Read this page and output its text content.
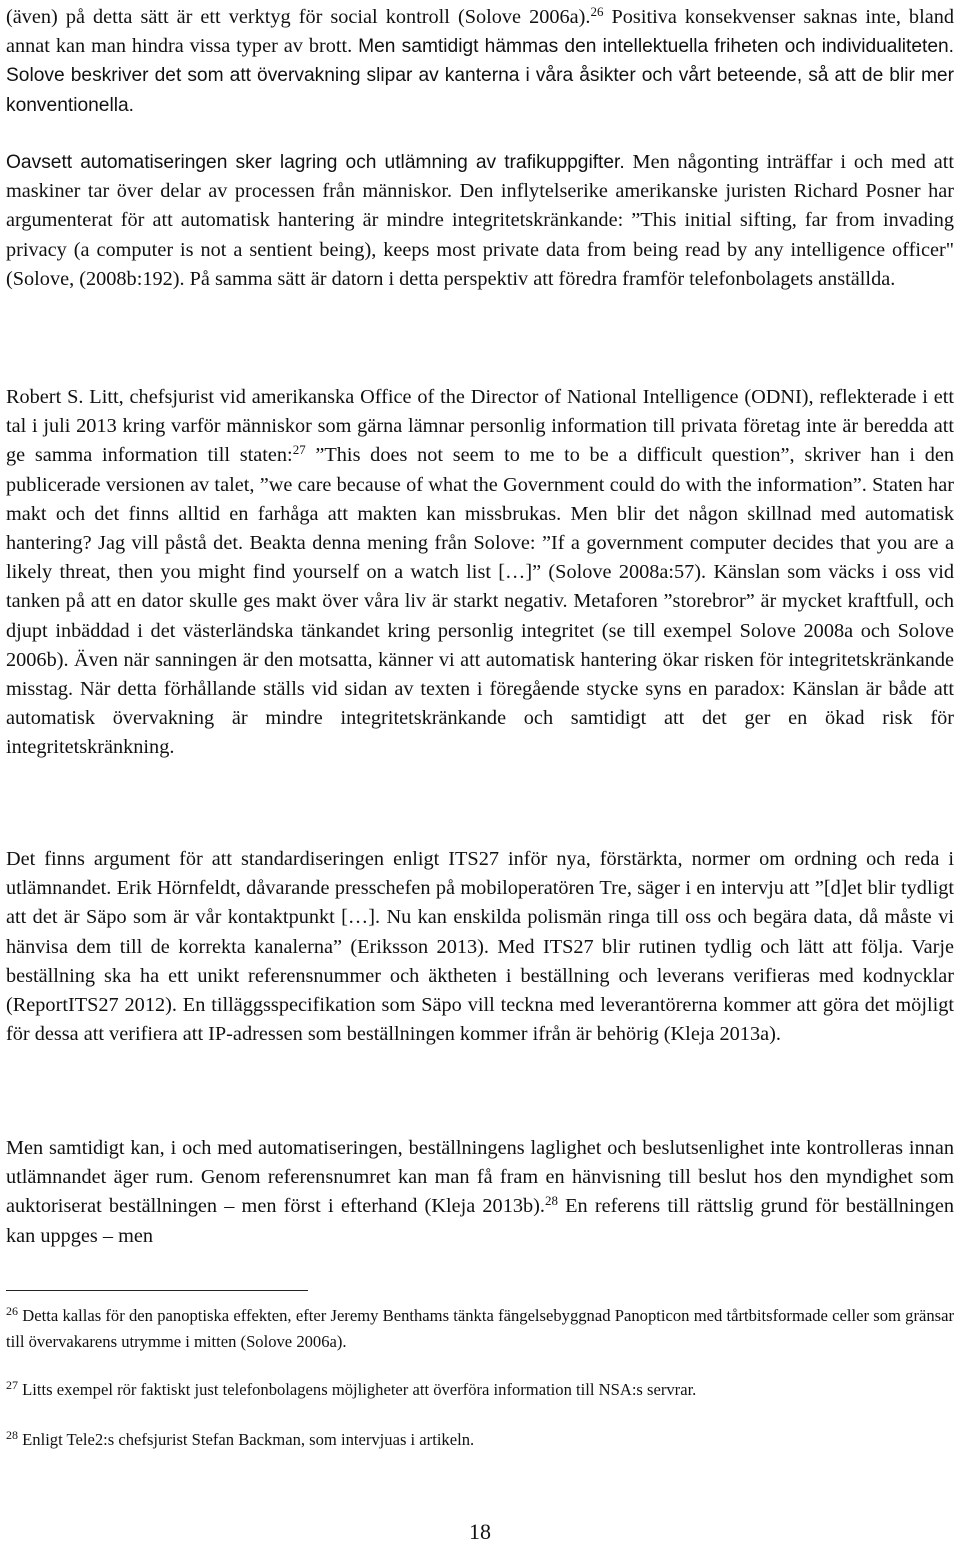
(även) på detta sätt är ett verktyg för social kontroll (Solove 2006a).$^{26}$ Positiva konsekvenser saknas inte, bland annat kan man hindra vissa typer av brott. Men samtidigt hämmas den intellektuella friheten och individualiteten. Solove beskriver det som att övervakning slipar av kanterna i våra åsikter och vårt beteende, så att de blir mer konventionella.

Oavsett automatiseringen sker lagring och utlämning av trafikuppgifter. Men någonting inträffar i och med att maskiner tar över delar av processen från människor. Den inflytelserike amerikanske juristen Richard Posner har argumenterat för att automatisk hantering är mindre integritetskränkande: ”This initial sifting, far from invading privacy (a computer is not a sentient being), keeps most private data from being read by any intelligence officer" (Solove, (2008b:192). På samma sätt är datorn i detta perspektiv att föredra framför telefonbolagets anställda.

Robert S. Litt, chefsjurist vid amerikanska Office of the Director of National Intelligence (ODNI), reflekterade i ett tal i juli 2013 kring varför människor som gärna lämnar personlig information till privata företag inte är beredda att ge samma information till staten:$^{27}$ ”This does not seem to me to be a difficult question”, skriver han i den publicerade versionen av talet, ”we care because of what the Government could do with the information”. Staten har makt och det finns alltid en farhåga att makten kan missbrukas. Men blir det någon skillnad med automatisk hantering? Jag vill påstå det. Beakta denna mening från Solove: ”If a government computer decides that you are a likely threat, then you might find yourself on a watch list […]” (Solove 2008a:57). Känslan som väcks i oss vid tanken på att en dator skulle ges makt över våra liv är starkt negativ. Metaforen ”storebror” är mycket kraftfull, och djupt inbäddad i det västerländska tänkandet kring personlig integritet (se till exempel Solove 2008a och Solove 2006b). Även när sanningen är den motsatta, känner vi att automatisk hantering ökar risken för integritetskränkande misstag. När detta förhållande ställs vid sidan av texten i föregående stycke syns en paradox: Känslan är både att automatisk övervakning är mindre integritetskränkande och samtidigt att det ger en ökad risk för integritetskränkning.

Det finns argument för att standardiseringen enligt ITS27 inför nya, förstärkta, normer om ordning och reda i utlämnandet. Erik Hörnfeldt, dåvarande presschefen på mobiloperatören Tre, säger i en intervju att ”[d]et blir tydligt att det är Säpo som är vår kontaktpunkt […]. Nu kan enskilda polismän ringa till oss och begära data, då måste vi hänvisa dem till de korrekta kanalerna” (Eriksson 2013). Med ITS27 blir rutinen tydlig och lätt att följa. Varje beställning ska ha ett unikt referensnummer och äktheten i beställning och leverans verifieras med kodnycklar (ReportITS27 2012). En tilläggsspecifikation som Säpo vill teckna med leverantörerna kommer att göra det möjligt för dessa att verifiera att IP-adressen som beställningen kommer ifrån är behörig (Kleja 2013a).

Men samtidigt kan, i och med automatiseringen, beställningens laglighet och beslutsenlighet inte kontrolleras innan utlämnandet äger rum. Genom referensnumret kan man få fram en hänvisning till beslut hos den myndighet som auktoriserat beställningen – men först i efterhand (Kleja 2013b).$^{28}$ En referens till rättslig grund för beställningen kan uppges – men

$^{26}$ Detta kallas för den panoptiska effekten, efter Jeremy Benthams tänkta fängelsebyggnad Panopticon med tårtbitsformade celler som gränsar till övervakarens utrymme i mitten (Solove 2006a).

$^{27}$ Litts exempel rör faktiskt just telefonbolagens möjligheter att överföra information till NSA:s servrar.

$^{28}$ Enligt Tele2:s chefsjurist Stefan Backman, som intervjuas i artikeln.

18
